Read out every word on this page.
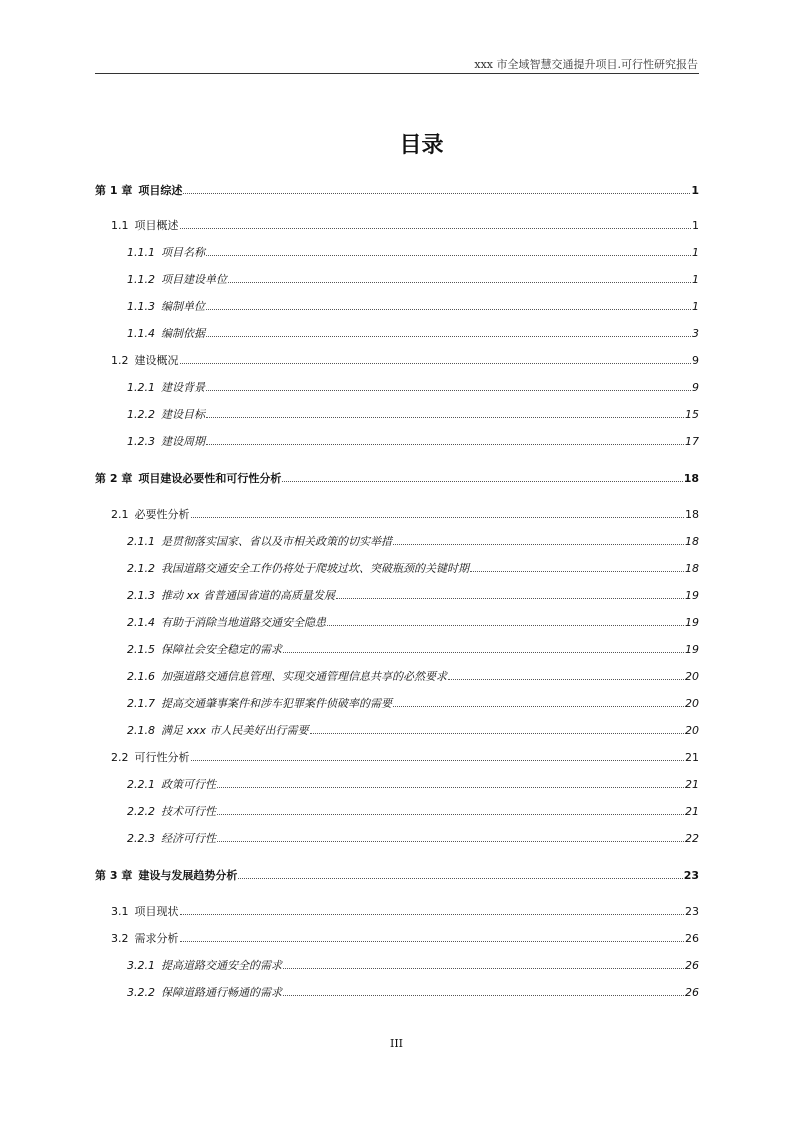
xxx 市全域智慧交通提升项目.可行性研究报告
目录
第 1 章 项目综述	1
1.1 项目概述	1
1.1.1 项目名称	1
1.1.2 项目建设单位	1
1.1.3 编制单位	1
1.1.4 编制依据	3
1.2 建设概况	9
1.2.1 建设背景	9
1.2.2 建设目标	15
1.2.3 建设周期	17
第 2 章 项目建设必要性和可行性分析	18
2.1 必要性分析	18
2.1.1 是贯彻落实国家、省以及市相关政策的切实举措	18
2.1.2 我国道路交通安全工作仍将处于爬坡过坎、突破瓶颈的关键时期	18
2.1.3 推动 xx 省普通国省道的高质量发展	19
2.1.4 有助于消除当地道路交通安全隐患	19
2.1.5 保障社会安全稳定的需求	19
2.1.6 加强道路交通信息管理、实现交通管理信息共享的必然要求	20
2.1.7 提高交通肇事案件和涉车犯罪案件侦破率的需要	20
2.1.8 满足 xxx 市人民美好出行需要	20
2.2 可行性分析	21
2.2.1 政策可行性	21
2.2.2 技术可行性	21
2.2.3 经济可行性	22
第 3 章 建设与发展趋势分析	23
3.1 项目现状	23
3.2 需求分析	26
3.2.1 提高道路交通安全的需求	26
3.2.2 保障道路通行畅通的需求	26
III
